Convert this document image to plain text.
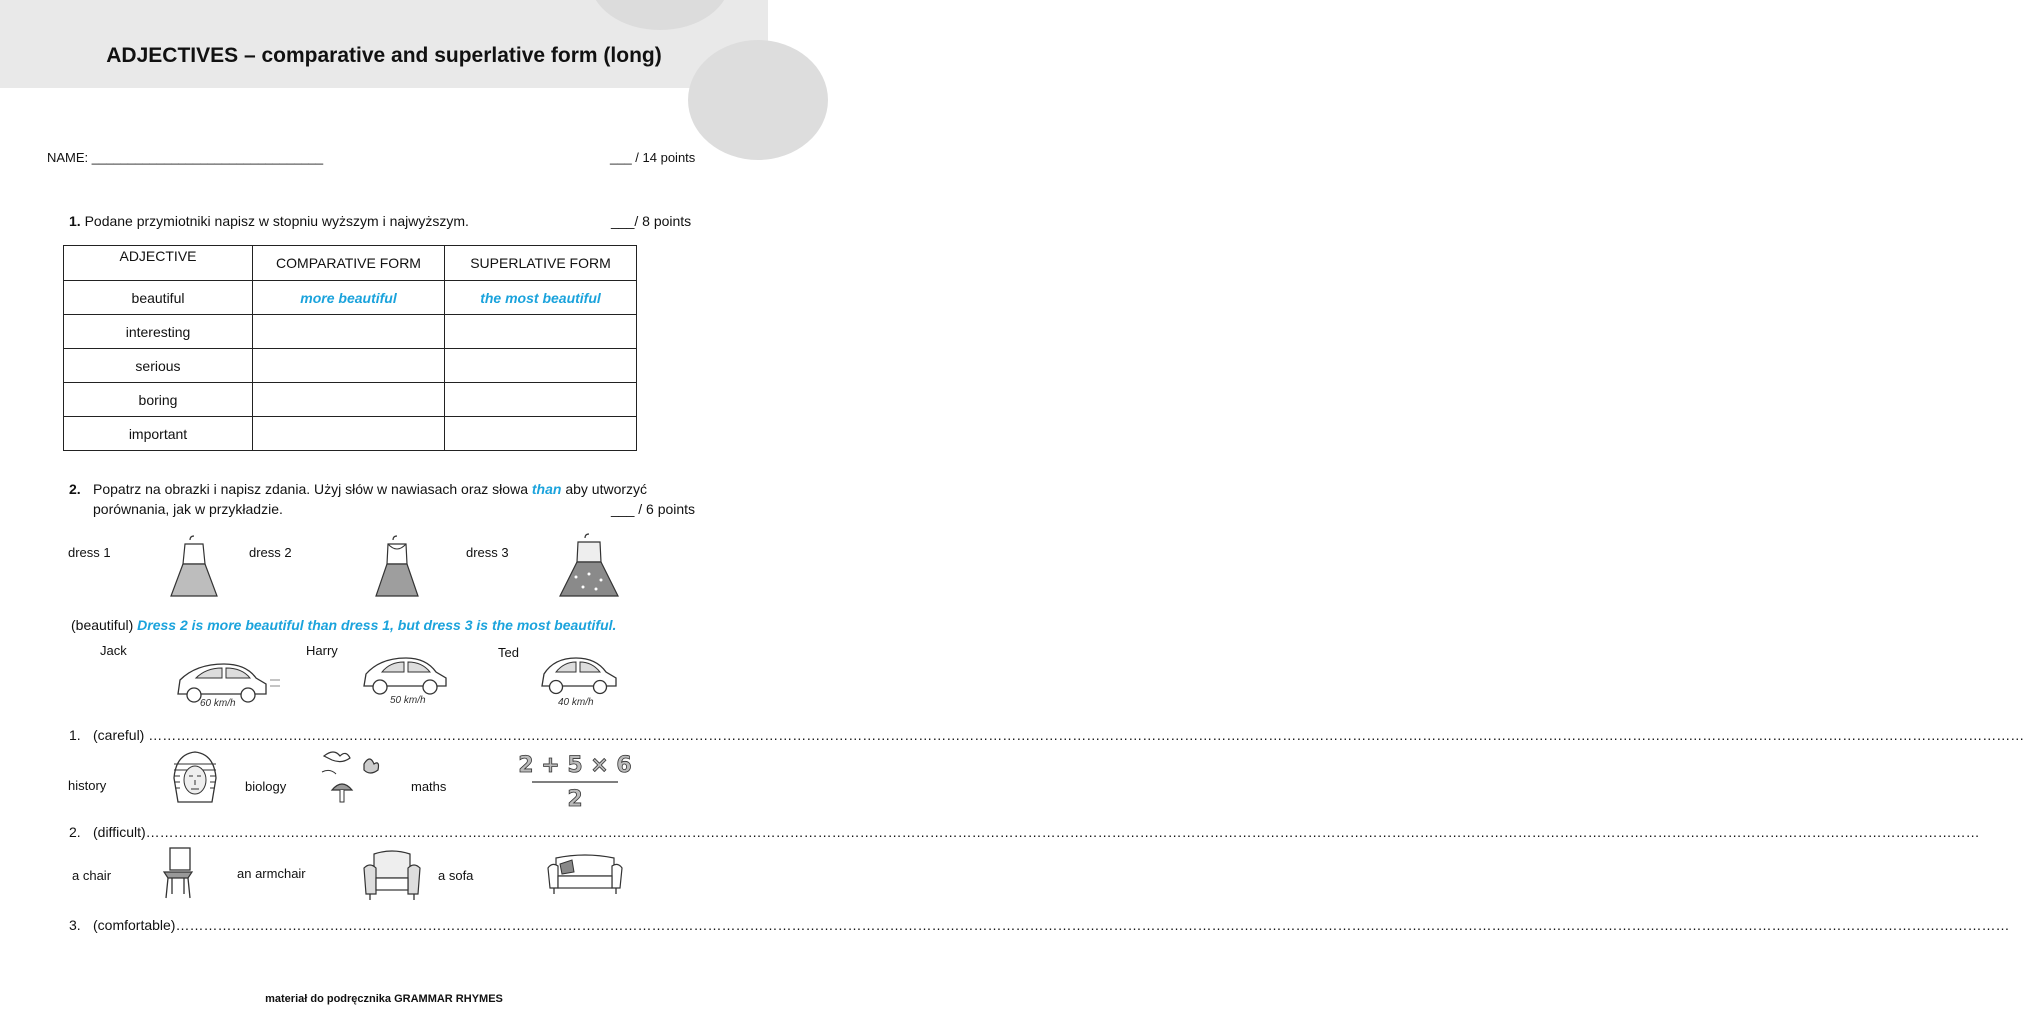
ADJECTIVES – comparative and superlative form (long)
NAME: ________________________________	___ / 14 points
1. Podane przymiotniki napisz w stopniu wyższym i najwyższym.	___/ 8 points
ADJECTIVE	COMPARATIVE FORM	SUPERLATIVE FORM
beautiful	more beautiful	the most beautiful
interesting		
serious		
boring		
important		
2. Popatrz na obrazki i napisz zdania. Użyj słów w nawiasach oraz słowa than aby utworzyć
porównania, jak w przykładzie.	___ / 6 points
dress 1	dress 2	dress 3
(beautiful) Dress 2 is more beautiful than dress 1, but dress 3 is the most beautiful.
Jack	Harry	Ted
60 km/h	50 km/h	40 km/h
1. (careful) ……………………………………………………………………………………………………………………………………………………………………………………………………………………………………………………………………………………………………………………………………………………………………
history	biology	maths
2 + 5 × 6
2
2. (difficult)……………………………………………………………………………………………………………………………………………………………………………………………………………………………………………………………………………………………………………………………………………………………
a chair	an armchair	a sofa
3. (comfortable)……………………………………………………………………………………………………………………………………………………………………………………………………………………………………………………………………………………………………………………………………………………………
materiał do podręcznika GRAMMAR RHYMES
